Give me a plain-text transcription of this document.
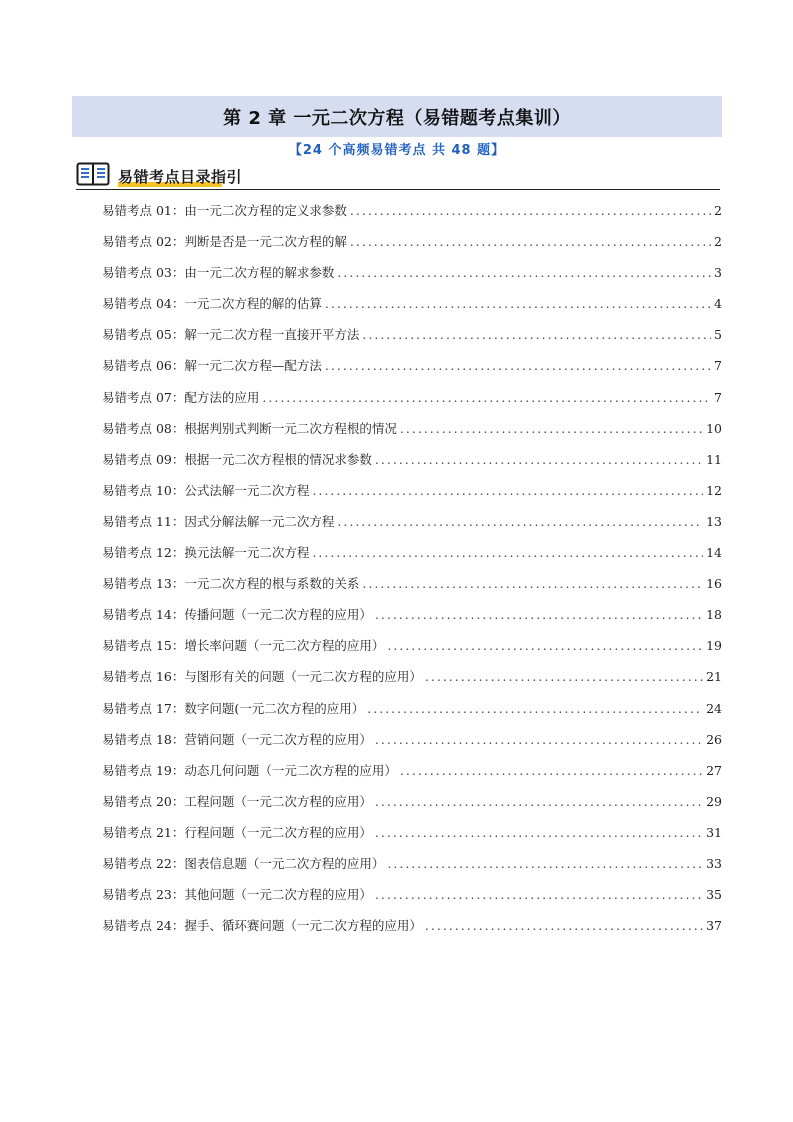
第 2 章 一元二次方程（易错题考点集训）
【24 个高频易错考点 共 48 题】
易错考点目录指引
易错考点 01： 由一元二次方程的定义求参数 .....	2
易错考点 02： 判断是否是一元二次方程的解 .....	2
易错考点 03： 由一元二次方程的解求参数 .....	3
易错考点 04： 一元二次方程的解的估算 .....	4
易错考点 05： 解一元二次方程一直接开平方法 .....	5
易错考点 06： 解一元二次方程—配方法 .....	7
易错考点 07： 配方法的应用 .....	7
易错考点 08： 根据判别式判断一元二次方程根的情况 .....	10
易错考点 09： 根据一元二次方程根的情况求参数 .....	11
易错考点 10： 公式法解一元二次方程 .....	12
易错考点 11： 因式分解法解一元二次方程 .....	13
易错考点 12： 换元法解一元二次方程 .....	14
易错考点 13： 一元二次方程的根与系数的关系 .....	16
易错考点 14： 传播问题（一元二次方程的应用） .....	18
易错考点 15： 增长率问题（一元二次方程的应用） .....	19
易错考点 16： 与图形有关的问题（一元二次方程的应用） .....	21
易错考点 17： 数字问题(一元二次方程的应用） .....	24
易错考点 18： 营销问题（一元二次方程的应用） .....	26
易错考点 19： 动态几何问题（一元二次方程的应用） .....	27
易错考点 20： 工程问题（一元二次方程的应用） .....	29
易错考点 21： 行程问题（一元二次方程的应用） .....	31
易错考点 22： 图表信息题（一元二次方程的应用） .....	33
易错考点 23： 其他问题（一元二次方程的应用） .....	35
易错考点 24： 握手、循环赛问题（一元二次方程的应用） .....	37
